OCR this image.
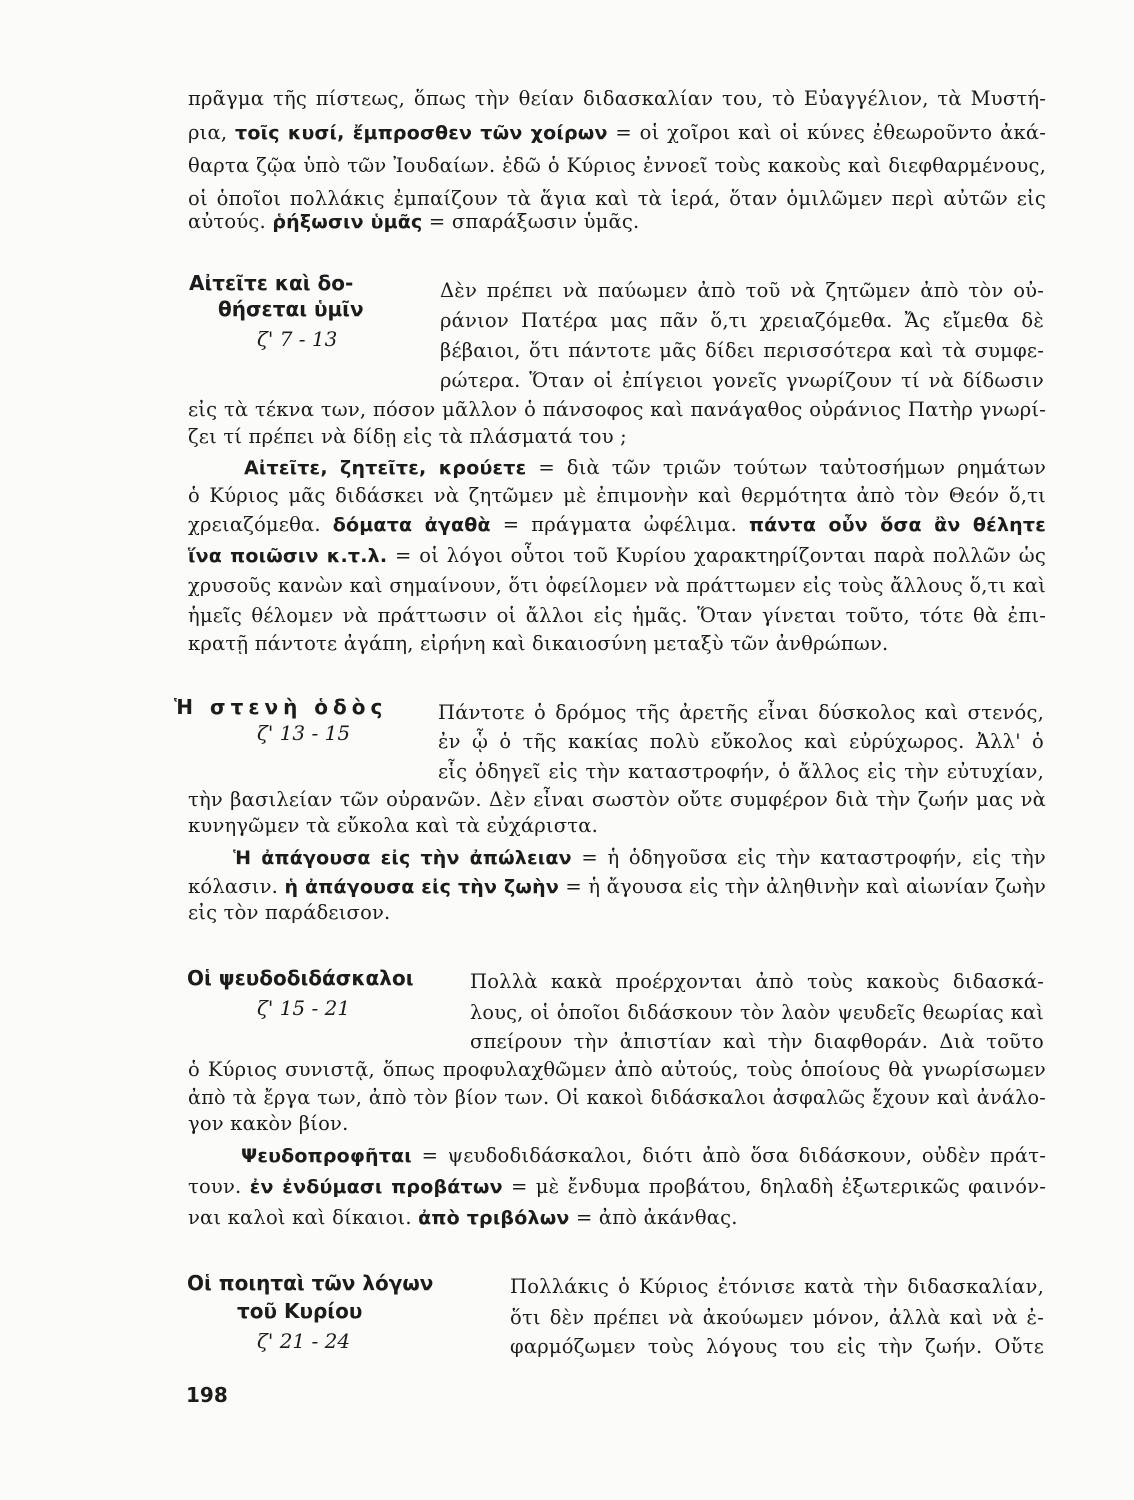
πρᾶγμα τῆς πίστεως, ὅπως τὴν θείαν διδασκαλίαν του, τὸ Εὐαγγέλιον, τὰ Μυστή-
ρια, τοῖς κυσί, ἔμπροσθεν τῶν χοίρων = οἱ χοῖροι καὶ οἱ κύνες ἐθεωροῦντο ἀκά-
θαρτα ζῷα ὑπὸ τῶν Ἰουδαίων. ἐδῶ ὁ Κύριος ἐννοεῖ τοὺς κακοὺς καὶ διεφθαρμένους,
οἱ ὁποῖοι πολλάκις ἐμπαίζουν τὰ ἅγια καὶ τὰ ἱερά, ὅταν ὁμιλῶμεν περὶ αὐτῶν εἰς
αὐτούς. ῥήξωσιν ὑμᾶς = σπαράξωσιν ὑμᾶς.
Αἰτεῖτε καὶ δο-
θήσεται ὑμῖν
ζ' 7 - 13
Δὲν πρέπει νὰ παύωμεν ἀπὸ τοῦ νὰ ζητῶμεν ἀπὸ τὸν οὐ-
ράνιον Πατέρα μας πᾶν ὅ,τι χρειαζόμεθα. Ἄς εἴμεθα δὲ
βέβαιοι, ὅτι πάντοτε μᾶς δίδει περισσότερα καὶ τὰ συμφε-
ρώτερα. Ὅταν οἱ ἐπίγειοι γονεῖς γνωρίζουν τί νὰ δίδωσιν
εἰς τὰ τέκνα των, πόσον μᾶλλον ὁ πάνσοφος καὶ πανάγαθος οὐράνιος Πατὴρ γνωρί-
ζει τί πρέπει νὰ δίδῃ εἰς τὰ πλάσματά του ;
Αἰτεῖτε, ζητεῖτε, κρούετε = διὰ τῶν τριῶν τούτων ταὐτοσήμων ρημάτων
ὁ Κύριος μᾶς διδάσκει νὰ ζητῶμεν μὲ ἐπιμονὴν καὶ θερμότητα ἀπὸ τὸν Θεόν ὅ,τι
χρειαζόμεθα. δόματα ἀγαθὰ = πράγματα ὠφέλιμα. πάντα οὖν ὅσα ἂν θέλητε
ἵνα ποιῶσιν κ.τ.λ. = οἱ λόγοι οὗτοι τοῦ Κυρίου χαρακτηρίζονται παρὰ πολλῶν ὡς
χρυσοῦς κανὼν καὶ σημαίνουν, ὅτι ὀφείλομεν νὰ πράττωμεν εἰς τοὺς ἄλλους ὅ,τι καὶ
ἡμεῖς θέλομεν νὰ πράττωσιν οἱ ἄλλοι εἰς ἡμᾶς. Ὅταν γίνεται τοῦτο, τότε θὰ ἐπι-
κρατῇ πάντοτε ἀγάπη, εἰρήνη καὶ δικαιοσύνη μεταξὺ τῶν ἀνθρώπων.
Ἡ στενὴ ὁδὸς
ζ' 13 - 15
Πάντοτε ὁ δρόμος τῆς ἀρετῆς εἶναι δύσκολος καὶ στενός,
ἐν ᾧ ὁ τῆς κακίας πολὺ εὔκολος καὶ εὐρύχωρος. Ἀλλ' ὁ
εἷς ὁδηγεῖ εἰς τὴν καταστροφήν, ὁ ἄλλος εἰς τὴν εὐτυχίαν,
τὴν βασιλείαν τῶν οὐρανῶν. Δὲν εἶναι σωστὸν οὔτε συμφέρον διὰ τὴν ζωήν μας νὰ
κυνηγῶμεν τὰ εὔκολα καὶ τὰ εὐχάριστα.
Ἡ ἀπάγουσα εἰς τὴν ἀπώλειαν = ἡ ὁδηγοῦσα εἰς τὴν καταστροφήν, εἰς τὴν
κόλασιν. ἡ ἀπάγουσα εἰς τὴν ζωὴν = ἡ ἄγουσα εἰς τὴν ἀληθινὴν καὶ αἰωνίαν ζωὴν
εἰς τὸν παράδεισον.
Οἱ ψευδοδιδάσκαλοι
ζ' 15 - 21
Πολλὰ κακὰ προέρχονται ἀπὸ τοὺς κακοὺς διδασκά-
λους, οἱ ὁποῖοι διδάσκουν τὸν λαὸν ψευδεῖς θεωρίας καὶ
σπείρουν τὴν ἀπιστίαν καὶ τὴν διαφθοράν. Διὰ τοῦτο
ὁ Κύριος συνιστᾷ, ὅπως προφυλαχθῶμεν ἀπὸ αὐτούς, τοὺς ὁποίους θὰ γνωρίσωμεν
ἀπὸ τὰ ἔργα των, ἀπὸ τὸν βίον των. Οἱ κακοὶ διδάσκαλοι ἀσφαλῶς ἔχουν καὶ ἀνάλο-
γον κακὸν βίον.
Ψευδοπροφῆται = ψευδοδιδάσκαλοι, διότι ἀπὸ ὅσα διδάσκουν, οὐδὲν πράτ-
τουν. ἐν ἐνδύμασι προβάτων = μὲ ἔνδυμα προβάτου, δηλαδὴ ἐξωτερικῶς φαινόν-
ναι καλοὶ καὶ δίκαιοι. ἀπὸ τριβόλων = ἀπὸ ἀκάνθας.
Οἱ ποιηταὶ τῶν λόγων
τοῦ Κυρίου
ζ' 21 - 24
Πολλάκις ὁ Κύριος ἐτόνισε κατὰ τὴν διδασκαλίαν,
ὅτι δὲν πρέπει νὰ ἀκούωμεν μόνον, ἀλλὰ καὶ νὰ ἐ-
φαρμόζωμεν τοὺς λόγους του εἰς τὴν ζωήν. Οὔτε
198
